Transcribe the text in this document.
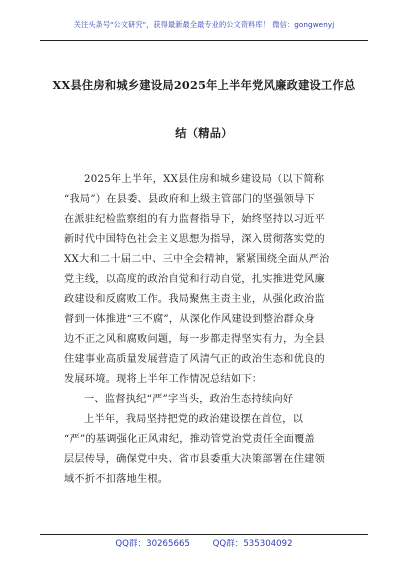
关注头条号"公文研究"，获得最新最全最专业的公文资料库！ 微信：gongwenyj
XX县住房和城乡建设局2025年上半年党风廉政建设工作总
结（精品）
2025年上半年，XX县住房和城乡建设局（以下简称
“我局”）在县委、县政府和上级主管部门的坚强领导下
在派驻纪检监察组的有力监督指导下，始终坚持以习近平
新时代中国特色社会主义思想为指导，深入贯彻落实党的
XX大和二十届二中、三中全会精神，紧紧围绕全面从严治
党主线，以高度的政治自觉和行动自觉，扎实推进党风廉
政建设和反腐败工作。我局聚焦主责主业，从强化政治监
督到一体推进“三不腐”，从深化作风建设到整治群众身
边不正之风和腐败问题，每一步都走得坚实有力，为全县
住建事业高质量发展营造了风清气正的政治生态和优良的
发展环境。现将上半年工作情况总结如下：
一、监督执纪“严”字当头，政治生态持续向好
上半年，我局坚持把党的政治建设摆在首位，以
“严”的基调强化正风肃纪，推动管党治党责任全面覆盖
层层传导，确保党中央、省市县委重大决策部署在住建领
域不折不扣落地生根。
QQ群：30265665	QQ群：535304092
